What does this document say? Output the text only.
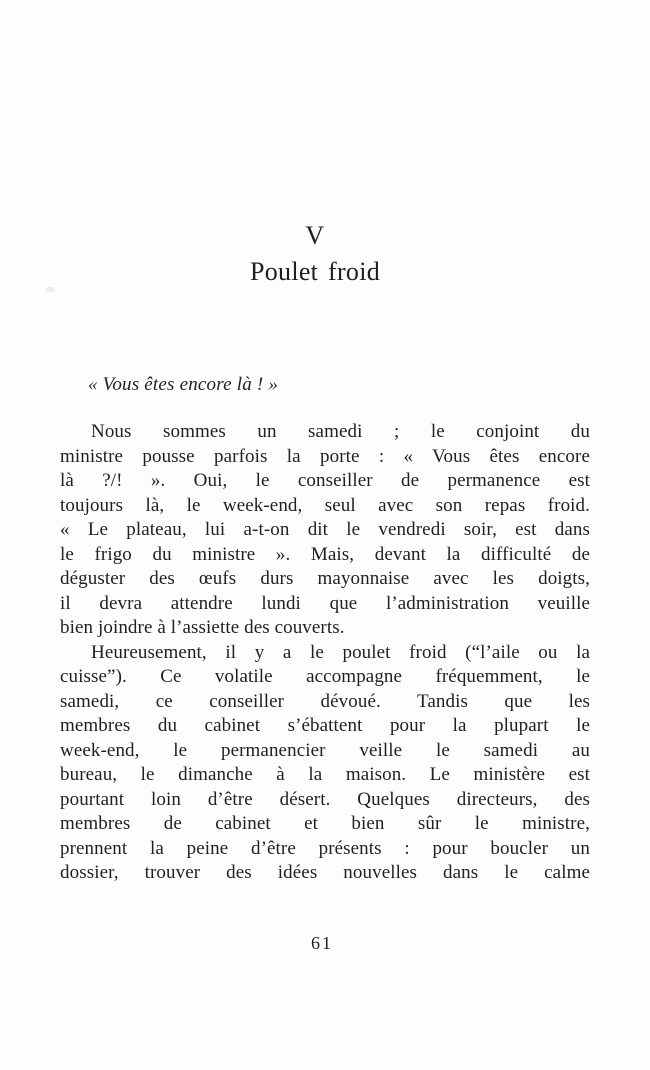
V
Poulet froid
« Vous êtes encore là ! »
Nous sommes un samedi ; le conjoint du
ministre pousse parfois la porte : « Vous êtes encore
là ?/! ». Oui, le conseiller de permanence est
toujours là, le week-end, seul avec son repas froid.
« Le plateau, lui a-t-on dit le vendredi soir, est dans
le frigo du ministre ». Mais, devant la difficulté de
déguster des œufs durs mayonnaise avec les doigts,
il devra attendre lundi que l’administration veuille
bien joindre à l’assiette des couverts.
Heureusement, il y a le poulet froid (“l’aile ou la
cuisse”). Ce volatile accompagne fréquemment, le
samedi, ce conseiller dévoué. Tandis que les
membres du cabinet s’ébattent pour la plupart le
week-end, le permanencier veille le samedi au
bureau, le dimanche à la maison. Le ministère est
pourtant loin d’être désert. Quelques directeurs, des
membres de cabinet et bien sûr le ministre,
prennent la peine d’être présents : pour boucler un
dossier, trouver des idées nouvelles dans le calme
61
